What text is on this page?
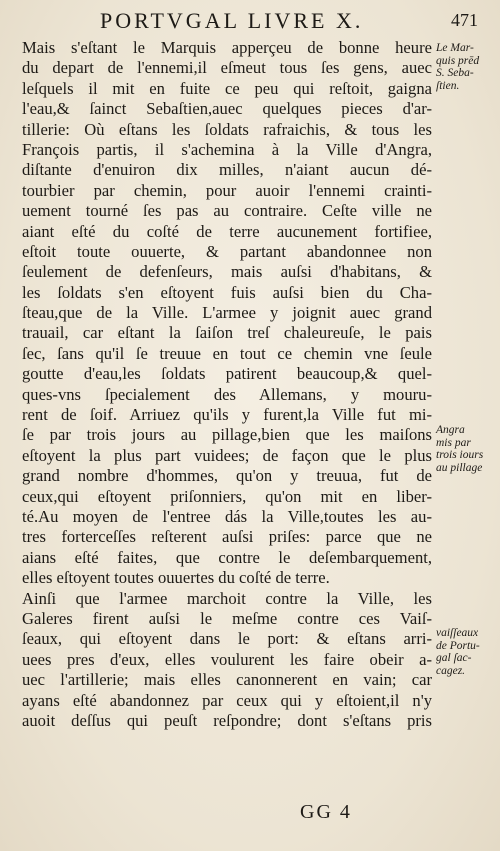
PORTVGAL LIVRE X.	471
Mais s'eſtant le Marquis apperçeu de bonne heure
du depart de l'ennemi,il eſmeut tous ſes gens, auec
leſquels il mit en fuite ce peu qui reſtoit, gaigna
l'eau,& ſainct Sebaſtien,auec quelques pieces d'ar-
tillerie: Où eſtans les ſoldats rafraichis, & tous les
François partis, il s'achemina à la Ville d'Angra,
diſtante d'enuiron dix milles, n'aiant aucun dé-
tourbier par chemin, pour auoir l'ennemi crainti-
uement tourné ſes pas au contraire. Ceſte ville ne
aiant eſté du coſté de terre aucunement fortifiee,
eſtoit toute ouuerte, & partant abandonnee non
ſeulement de defenſeurs, mais auſsi d'habitans, &
les ſoldats s'en eſtoyent fuis auſsi bien du Cha-
ſteau,que de la Ville. L'armee y joignit auec grand
trauail, car eſtant la ſaiſon treſ chaleureuſe, le pais
ſec, ſans qu'il ſe treuue en tout ce chemin vne ſeule
goutte d'eau,les ſoldats patirent beaucoup,& quel-
ques-vns ſpecialement des Allemans, y mouru-
rent de ſoif. Arriuez qu'ils y furent,la Ville fut mi-
ſe par trois jours au pillage,bien que les maiſons
eſtoyent la plus part vuidees; de façon que le plus
grand nombre d'hommes, qu'on y treuua, fut de
ceux,qui eſtoyent priſonniers, qu'on mit en liber-
té.Au moyen de l'entree dás la Ville,toutes les au-
tres forterceſſes reſterent auſsi priſes: parce que ne
aians eſté faites, que contre le deſembarquement,
elles eſtoyent toutes ouuertes du coſté de terre.
Ainſi que l'armee marchoit contre la Ville, les
Galeres firent auſsi le meſme contre ces Vaiſ-
ſeaux, qui eſtoyent dans le port: & eſtans arri-
uees pres d'eux, elles voulurent les faire obeir a-
uec l'artillerie; mais elles canonnerent en vain; car
ayans eſté abandonnez par ceux qui y eſtoient,il n'y
auoit deſſus qui peuſt reſpondre; dont s'eſtans pris
Le Mar-
quis prēd
S. Seba-
ſtien.
Angra
mis par
trois iours
au pillage
vaiſſeaux
de Portu-
gal ſac-
cagez.
GG 4
